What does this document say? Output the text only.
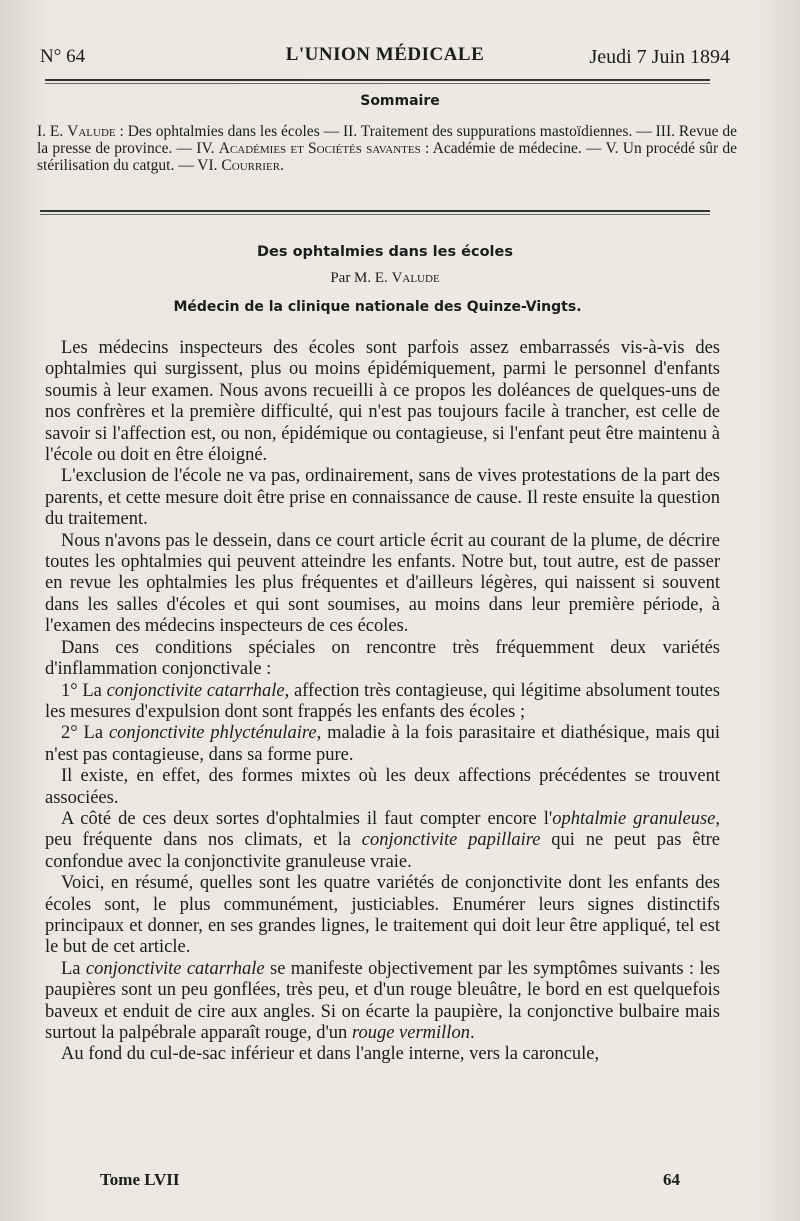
N° 64	L'UNION MÉDICALE	Jeudi 7 Juin 1894
Sommaire
I. E. Valude : Des ophtalmies dans les écoles — II. Traitement des suppurations mastoïdiennes. — III. Revue de la presse de province. — IV. Académies et Sociétés savantes : Académie de médecine. — V. Un procédé sûr de stérilisation du catgut. — VI. Courrier.
Des ophtalmies dans les écoles
Par M. E. Valude
Médecin de la clinique nationale des Quinze-Vingts.

Les médecins inspecteurs des écoles sont parfois assez embarrassés vis-à-vis des ophtalmies qui surgissent, plus ou moins épidémiquement, parmi le personnel d'enfants soumis à leur examen. Nous avons recueilli à ce propos les doléances de quelques-uns de nos confrères et la première difficulté, qui n'est pas toujours facile à trancher, est celle de savoir si l'affection est, ou non, épidémique ou contagieuse, si l'enfant peut être maintenu à l'école ou doit en être éloigné.

L'exclusion de l'école ne va pas, ordinairement, sans de vives protestations de la part des parents, et cette mesure doit être prise en connaissance de cause. Il reste ensuite la question du traitement.

Nous n'avons pas le dessein, dans ce court article écrit au courant de la plume, de décrire toutes les ophtalmies qui peuvent atteindre les enfants. Notre but, tout autre, est de passer en revue les ophtalmies les plus fréquentes et d'ailleurs légères, qui naissent si souvent dans les salles d'écoles et qui sont soumises, au moins dans leur première période, à l'examen des médecins inspecteurs de ces écoles.

Dans ces conditions spéciales on rencontre très fréquemment deux variétés d'inflammation conjonctivale :

1° La conjonctivite catarrhale, affection très contagieuse, qui légitime absolument toutes les mesures d'expulsion dont sont frappés les enfants des écoles ;

2° La conjonctivite phlycténulaire, maladie à la fois parasitaire et diathésique, mais qui n'est pas contagieuse, dans sa forme pure.

Il existe, en effet, des formes mixtes où les deux affections précédentes se trouvent associées.

A côté de ces deux sortes d'ophtalmies il faut compter encore l'ophtalmie granuleuse, peu fréquente dans nos climats, et la conjonctivite papillaire qui ne peut pas être confondue avec la conjonctivite granuleuse vraie.

Voici, en résumé, quelles sont les quatre variétés de conjonctivite dont les enfants des écoles sont, le plus communément, justiciables. Enumérer leurs signes distinctifs principaux et donner, en ses grandes lignes, le traitement qui doit leur être appliqué, tel est le but de cet article.

La conjonctivite catarrhale se manifeste objectivement par les symptômes suivants : les paupières sont un peu gonflées, très peu, et d'un rouge bleuâtre, le bord en est quelquefois baveux et enduit de cire aux angles. Si on écarte la paupière, la conjonctive bulbaire mais surtout la palpébrale apparaît rouge, d'un rouge vermillon.

Au fond du cul-de-sac inférieur et dans l'angle interne, vers la caroncule,

Tome LVII	64
